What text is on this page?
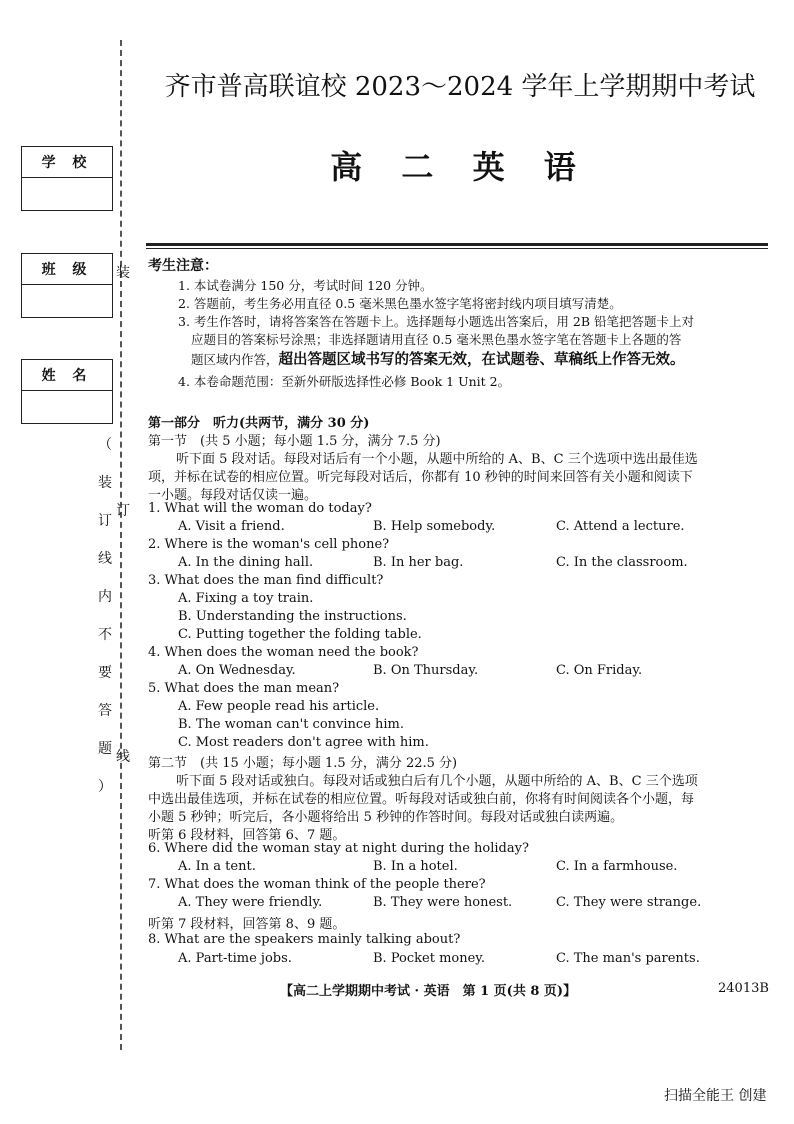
学 校
班 级
姓 名
装
订
线
（
装
订
线
内
不
要
答
题
）
齐市普高联谊校 2023～2024 学年上学期期中考试
高 二 英 语
考生注意：
1. 本试卷满分 150 分，考试时间 120 分钟。
2. 答题前，考生务必用直径 0.5 毫米黑色墨水签字笔将密封线内项目填写清楚。
3. 考生作答时，请将答案答在答题卡上。选择题每小题选出答案后，用 2B 铅笔把答题卡上对
应题目的答案标号涂黑；非选择题请用直径 0.5 毫米黑色墨水签字笔在答题卡上各题的答
题区域内作答，超出答题区域书写的答案无效，在试题卷、草稿纸上作答无效。
4. 本卷命题范围：至新外研版选择性必修 Book 1 Unit 2。
第一部分　听力(共两节，满分 30 分)
第一节　(共 5 小题；每小题 1.5 分，满分 7.5 分)
听下面 5 段对话。每段对话后有一个小题，从题中所给的 A、B、C 三个选项中选出最佳选
项，并标在试卷的相应位置。听完每段对话后，你都有 10 秒钟的时间来回答有关小题和阅读下
一小题。每段对话仅读一遍。
1. What will the woman do today?
A. Visit a friend.	B. Help somebody.	C. Attend a lecture.
2. Where is the woman's cell phone?
A. In the dining hall.	B. In her bag.	C. In the classroom.
3. What does the man find difficult?
A. Fixing a toy train.
B. Understanding the instructions.
C. Putting together the folding table.
4. When does the woman need the book?
A. On Wednesday.	B. On Thursday.	C. On Friday.
5. What does the man mean?
A. Few people read his article.
B. The woman can't convince him.
C. Most readers don't agree with him.
第二节　(共 15 小题；每小题 1.5 分，满分 22.5 分)
听下面 5 段对话或独白。每段对话或独白后有几个小题，从题中所给的 A、B、C 三个选项
中选出最佳选项，并标在试卷的相应位置。听每段对话或独白前，你将有时间阅读各个小题，每
小题 5 秒钟；听完后，各小题将给出 5 秒钟的作答时间。每段对话或独白读两遍。
听第 6 段材料，回答第 6、7 题。
6. Where did the woman stay at night during the holiday?
A. In a tent.	B. In a hotel.	C. In a farmhouse.
7. What does the woman think of the people there?
A. They were friendly.	B. They were honest.	C. They were strange.
听第 7 段材料，回答第 8、9 题。
8. What are the speakers mainly talking about?
A. Part-time jobs.	B. Pocket money.	C. The man's parents.
【高二上学期期中考试 · 英语　第 1 页(共 8 页)】	24013B
扫描全能王 创建
